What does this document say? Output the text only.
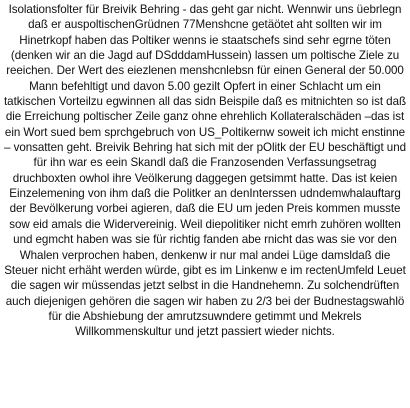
Isolationsfolter für Breivik Behring - das geht gar nicht. Wennwir uns üebrlegn daß er auspoltischenGrüdnen 77Menshcne getäötet aht sollten wir im Hinetrkopf haben das Poltiker wenns ie staatschefs sind sehr egrne töten (denken wir an die Jagd auf DSdddamHussein) lassen um poltische Ziele zu reeichen. Der Wert des eiezlenen menshcnlebsn für einen General der 50.000 Mann befehltigt und davon 5.00 gezilt Opfert in einer Schlacht um ein tatkischen Vorteilzu egwinnen all das sidn Beispile daß es mitnichten so ist daß die Erreichung poltischer Zeile ganz ohne ehrehlich Kollateralschäden –das ist ein Wort sued bem sprchgebruch von US_Poltikernw soweit ich micht enstinne – vonsatten geht. Breivik Behring hat sich mit der pOlitk der EU beschäftigt und für ihn war es eein Skandl daß die Franzosenden Verfassungsetrag druchboxten owhol ihre Veölkerung daggegen getsimmt hatte. Das ist keien Einzelemening von ihm daß die Politker an denInterssen udndemwhalauftarg der Bevölkerung vorbei agieren, daß die EU um jeden Preis kommen musste sow eid amals die Widervereinig. Weil diepolitiker nicht emrh zuhören wollten und egmcht haben was sie für richtig fanden abe rnicht das was sie vor den Whalen verprochen haben, denkenw ir nur mal andei Lüge damsldaß die Steuer nicht erhäht werden würde, gibt es im Linkenw e im rectenUmfeld Leuet die sagen wir müssendas jetzt selbst in die Handnehemn. Zu solchendrüften auch diejenigen gehören die sagen wir haben zu 2/3 bei der Budnestagswahlö für die Abshiebung der amrutzsuwndere getimmt und Mekrels Willkommenskultur und jetzt passiert wieder nichts.
